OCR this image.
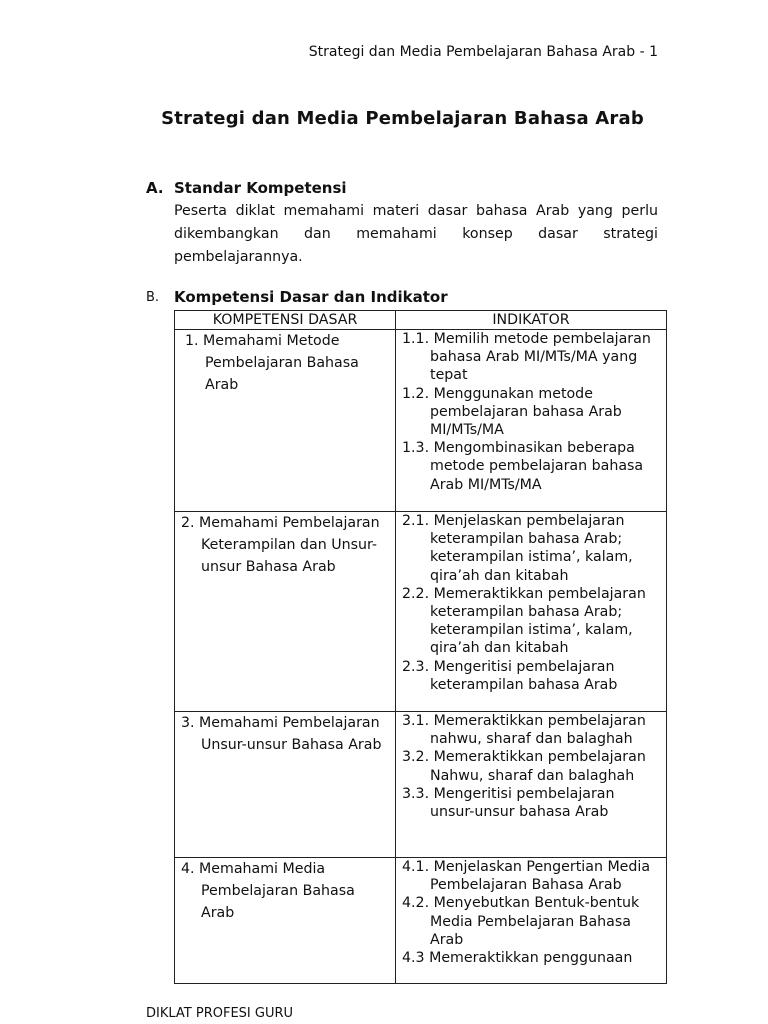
Strategi dan Media Pembelajaran Bahasa Arab - 1
Strategi dan Media Pembelajaran Bahasa Arab
A. Standar Kompetensi
Peserta diklat memahami materi dasar bahasa Arab yang perlu dikembangkan dan memahami konsep dasar strategi pembelajarannya.
B. Kompetensi Dasar dan Indikator
KOMPETENSI DASAR	INDIKATOR

1. Memahami Metode Pembelajaran Bahasa Arab	1.1. Memilih metode pembelajaran bahasa Arab MI/MTs/MA yang tepat
1.2. Menggunakan metode pembelajaran bahasa Arab MI/MTs/MA
1.3. Mengombinasikan beberapa metode pembelajaran bahasa Arab MI/MTs/MA

2. Memahami Pembelajaran Keterampilan dan Unsur-unsur Bahasa Arab	2.1. Menjelaskan pembelajaran keterampilan bahasa Arab; keterampilan istima’, kalam, qira’ah dan kitabah
2.2. Memeraktikkan pembelajaran keterampilan bahasa Arab; keterampilan istima’, kalam, qira’ah dan kitabah
2.3. Mengeritisi pembelajaran keterampilan bahasa Arab

3. Memahami Pembelajaran Unsur-unsur Bahasa Arab	3.1. Memeraktikkan pembelajaran nahwu, sharaf dan balaghah
3.2. Memeraktikkan pembelajaran Nahwu, sharaf dan balaghah
3.3. Mengeritisi pembelajaran unsur-unsur bahasa Arab

4. Memahami Media Pembelajaran Bahasa Arab	4.1. Menjelaskan Pengertian Media Pembelajaran Bahasa Arab
4.2. Menyebutkan Bentuk-bentuk Media Pembelajaran Bahasa Arab
4.3 Memeraktikkan penggunaan
DIKLAT PROFESI GURU
